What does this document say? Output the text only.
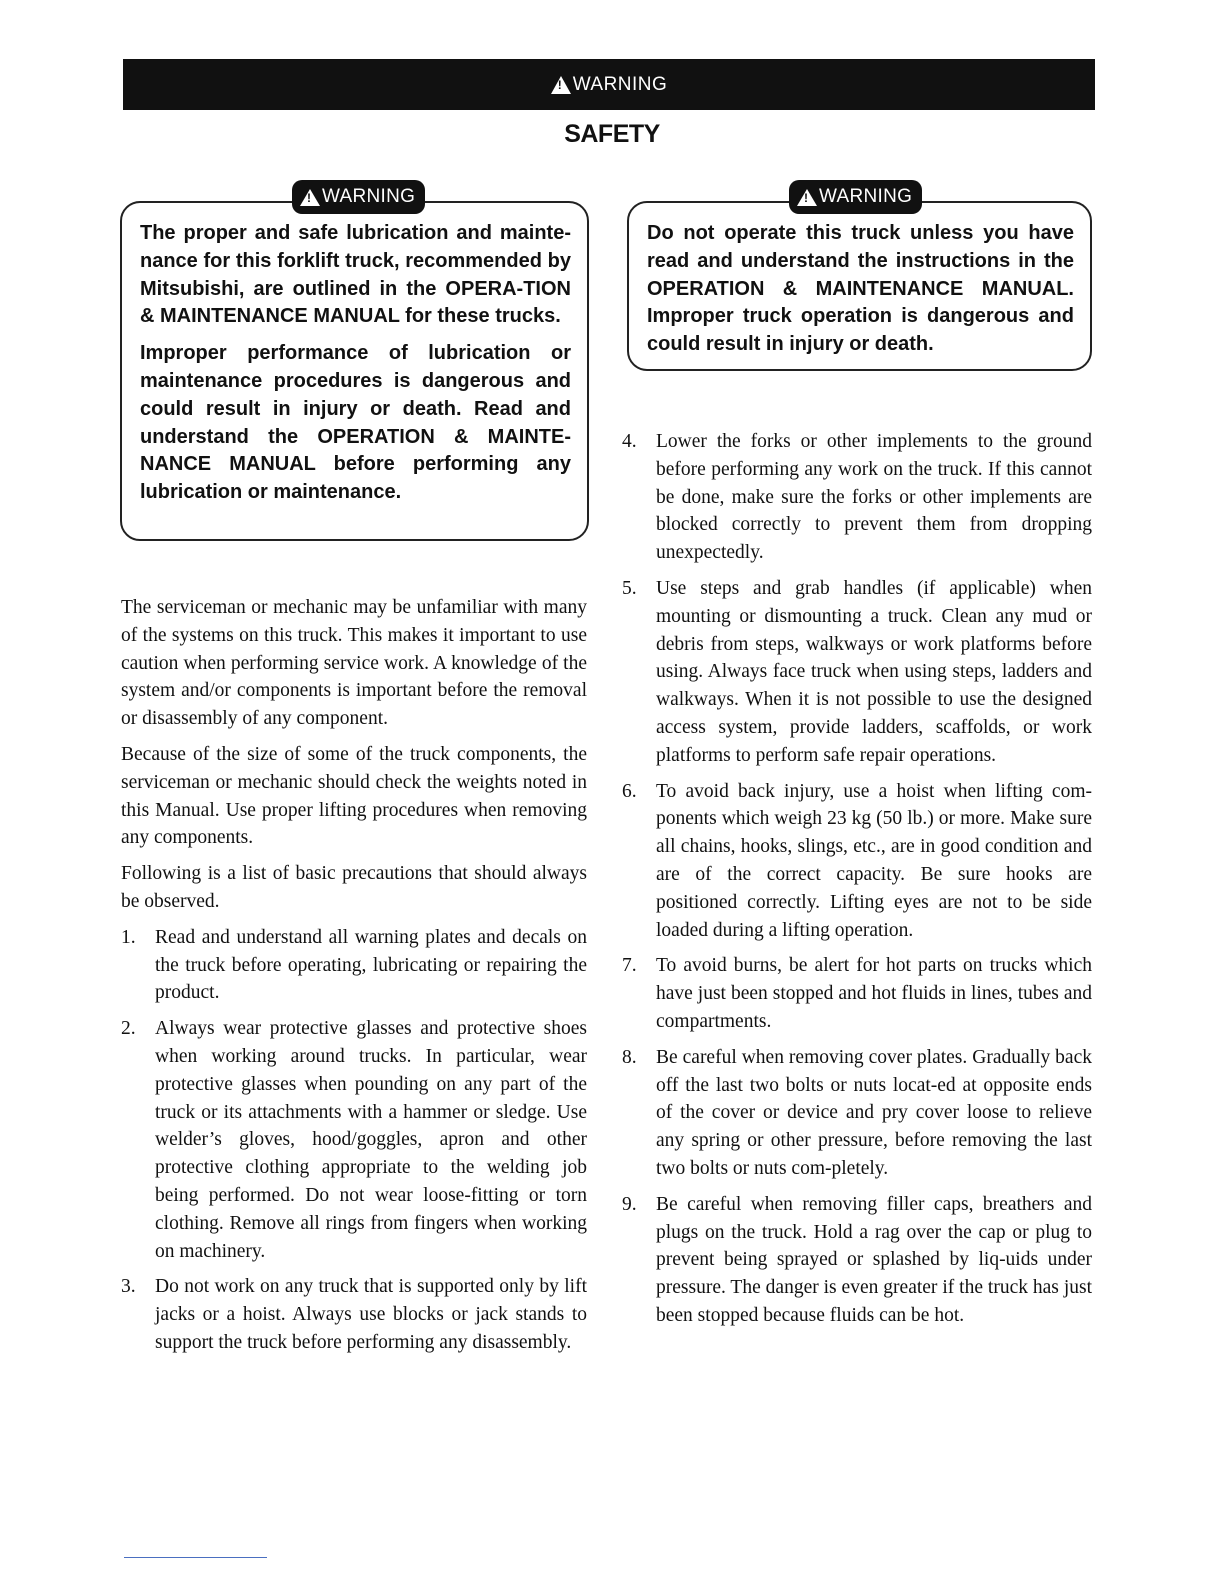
!
WARNING
SAFETY
!
WARNING

The proper and safe lubrication and mainte-nance for this forklift truck, recommended by Mitsubishi, are outlined in the OPERA-TION & MAINTENANCE MANUAL for these trucks.

Improper performance of lubrication or maintenance procedures is dangerous and could result in injury or death. Read and understand the OPERATION & MAINTE-NANCE MANUAL before performing any lubrication or maintenance.

!
WARNING

Do not operate this truck unless you have read and understand the instructions in the OPERATION & MAINTENANCE MANUAL. Improper truck operation is dangerous and could result in injury or death.

The serviceman or mechanic may be unfamiliar with many of the systems on this truck. This makes it important to use caution when performing service work. A knowledge of the system and/or components is important before the removal or disassembly of any component.

Because of the size of some of the truck components, the serviceman or mechanic should check the weights noted in this Manual. Use proper lifting procedures when removing any components.

Following is a list of basic precautions that should always be observed.

1. Read and understand all warning plates and decals on the truck before operating, lubricating or repairing the product.
2. Always wear protective glasses and protective shoes when working around trucks. In particular, wear protective glasses when pounding on any part of the truck or its attachments with a hammer or sledge. Use welder’s gloves, hood/goggles, apron and other protective clothing appropriate to the welding job being performed. Do not wear loose-fitting or torn clothing. Remove all rings from fingers when working on machinery.
3. Do not work on any truck that is supported only by lift jacks or a hoist. Always use blocks or jack stands to support the truck before performing any disassembly.
4. Lower the forks or other implements to the ground before performing any work on the truck. If this cannot be done, make sure the forks or other implements are blocked correctly to prevent them from dropping unexpectedly.
5. Use steps and grab handles (if applicable) when mounting or dismounting a truck. Clean any mud or debris from steps, walkways or work platforms before using. Always face truck when using steps, ladders and walkways. When it is not possible to use the designed access system, provide ladders, scaffolds, or work platforms to perform safe repair operations.
6. To avoid back injury, use a hoist when lifting com-ponents which weigh 23 kg (50 lb.) or more. Make sure all chains, hooks, slings, etc., are in good condition and are of the correct capacity. Be sure hooks are positioned correctly. Lifting eyes are not to be side loaded during a lifting operation.
7. To avoid burns, be alert for hot parts on trucks which have just been stopped and hot fluids in lines, tubes and compartments.
8. Be careful when removing cover plates. Gradually back off the last two bolts or nuts locat-ed at opposite ends of the cover or device and pry cover loose to relieve any spring or other pressure, before removing the last two bolts or nuts com-pletely.
9. Be careful when removing filler caps, breathers and plugs on the truck. Hold a rag over the cap or plug to prevent being sprayed or splashed by liq-uids under pressure. The danger is even greater if the truck has just been stopped because fluids can be hot.
